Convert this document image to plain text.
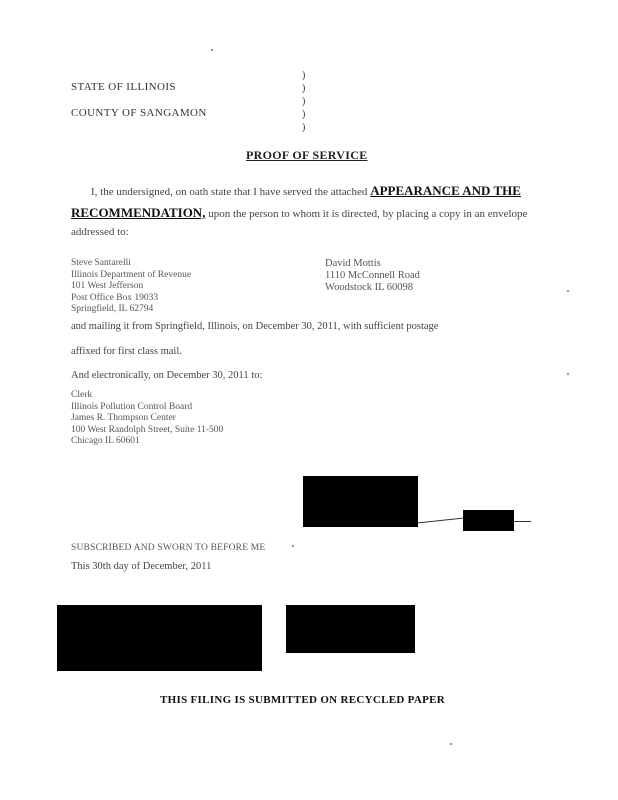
STATE OF ILLINOIS
COUNTY OF SANGAMON
)
)
)
)
)
PROOF OF SERVICE
I, the undersigned, on oath state that I have served the attached APPEARANCE AND THE
RECOMMENDATION, upon the person to whom it is directed, by placing a copy in an envelope
addressed to:
Steve Santarelli
Illinois Department of Revenue
101 West Jefferson
Post Office Box 19033
Springfield, IL 62794
David Mottis
1110 McConnell Road
Woodstock IL 60098
and mailing it from Springfield, Illinois, on December 30, 2011, with sufficient postage
affixed for first class mail.
And electronically, on December 30, 2011 to:
Clerk
Illinois Pollution Control Board
James R. Thompson Center
100 West Randolph Street, Suite 11-500
Chicago IL 60601
SUBSCRIBED AND SWORN TO BEFORE ME
This 30th day of December, 2011
THIS FILING IS SUBMITTED ON RECYCLED PAPER
